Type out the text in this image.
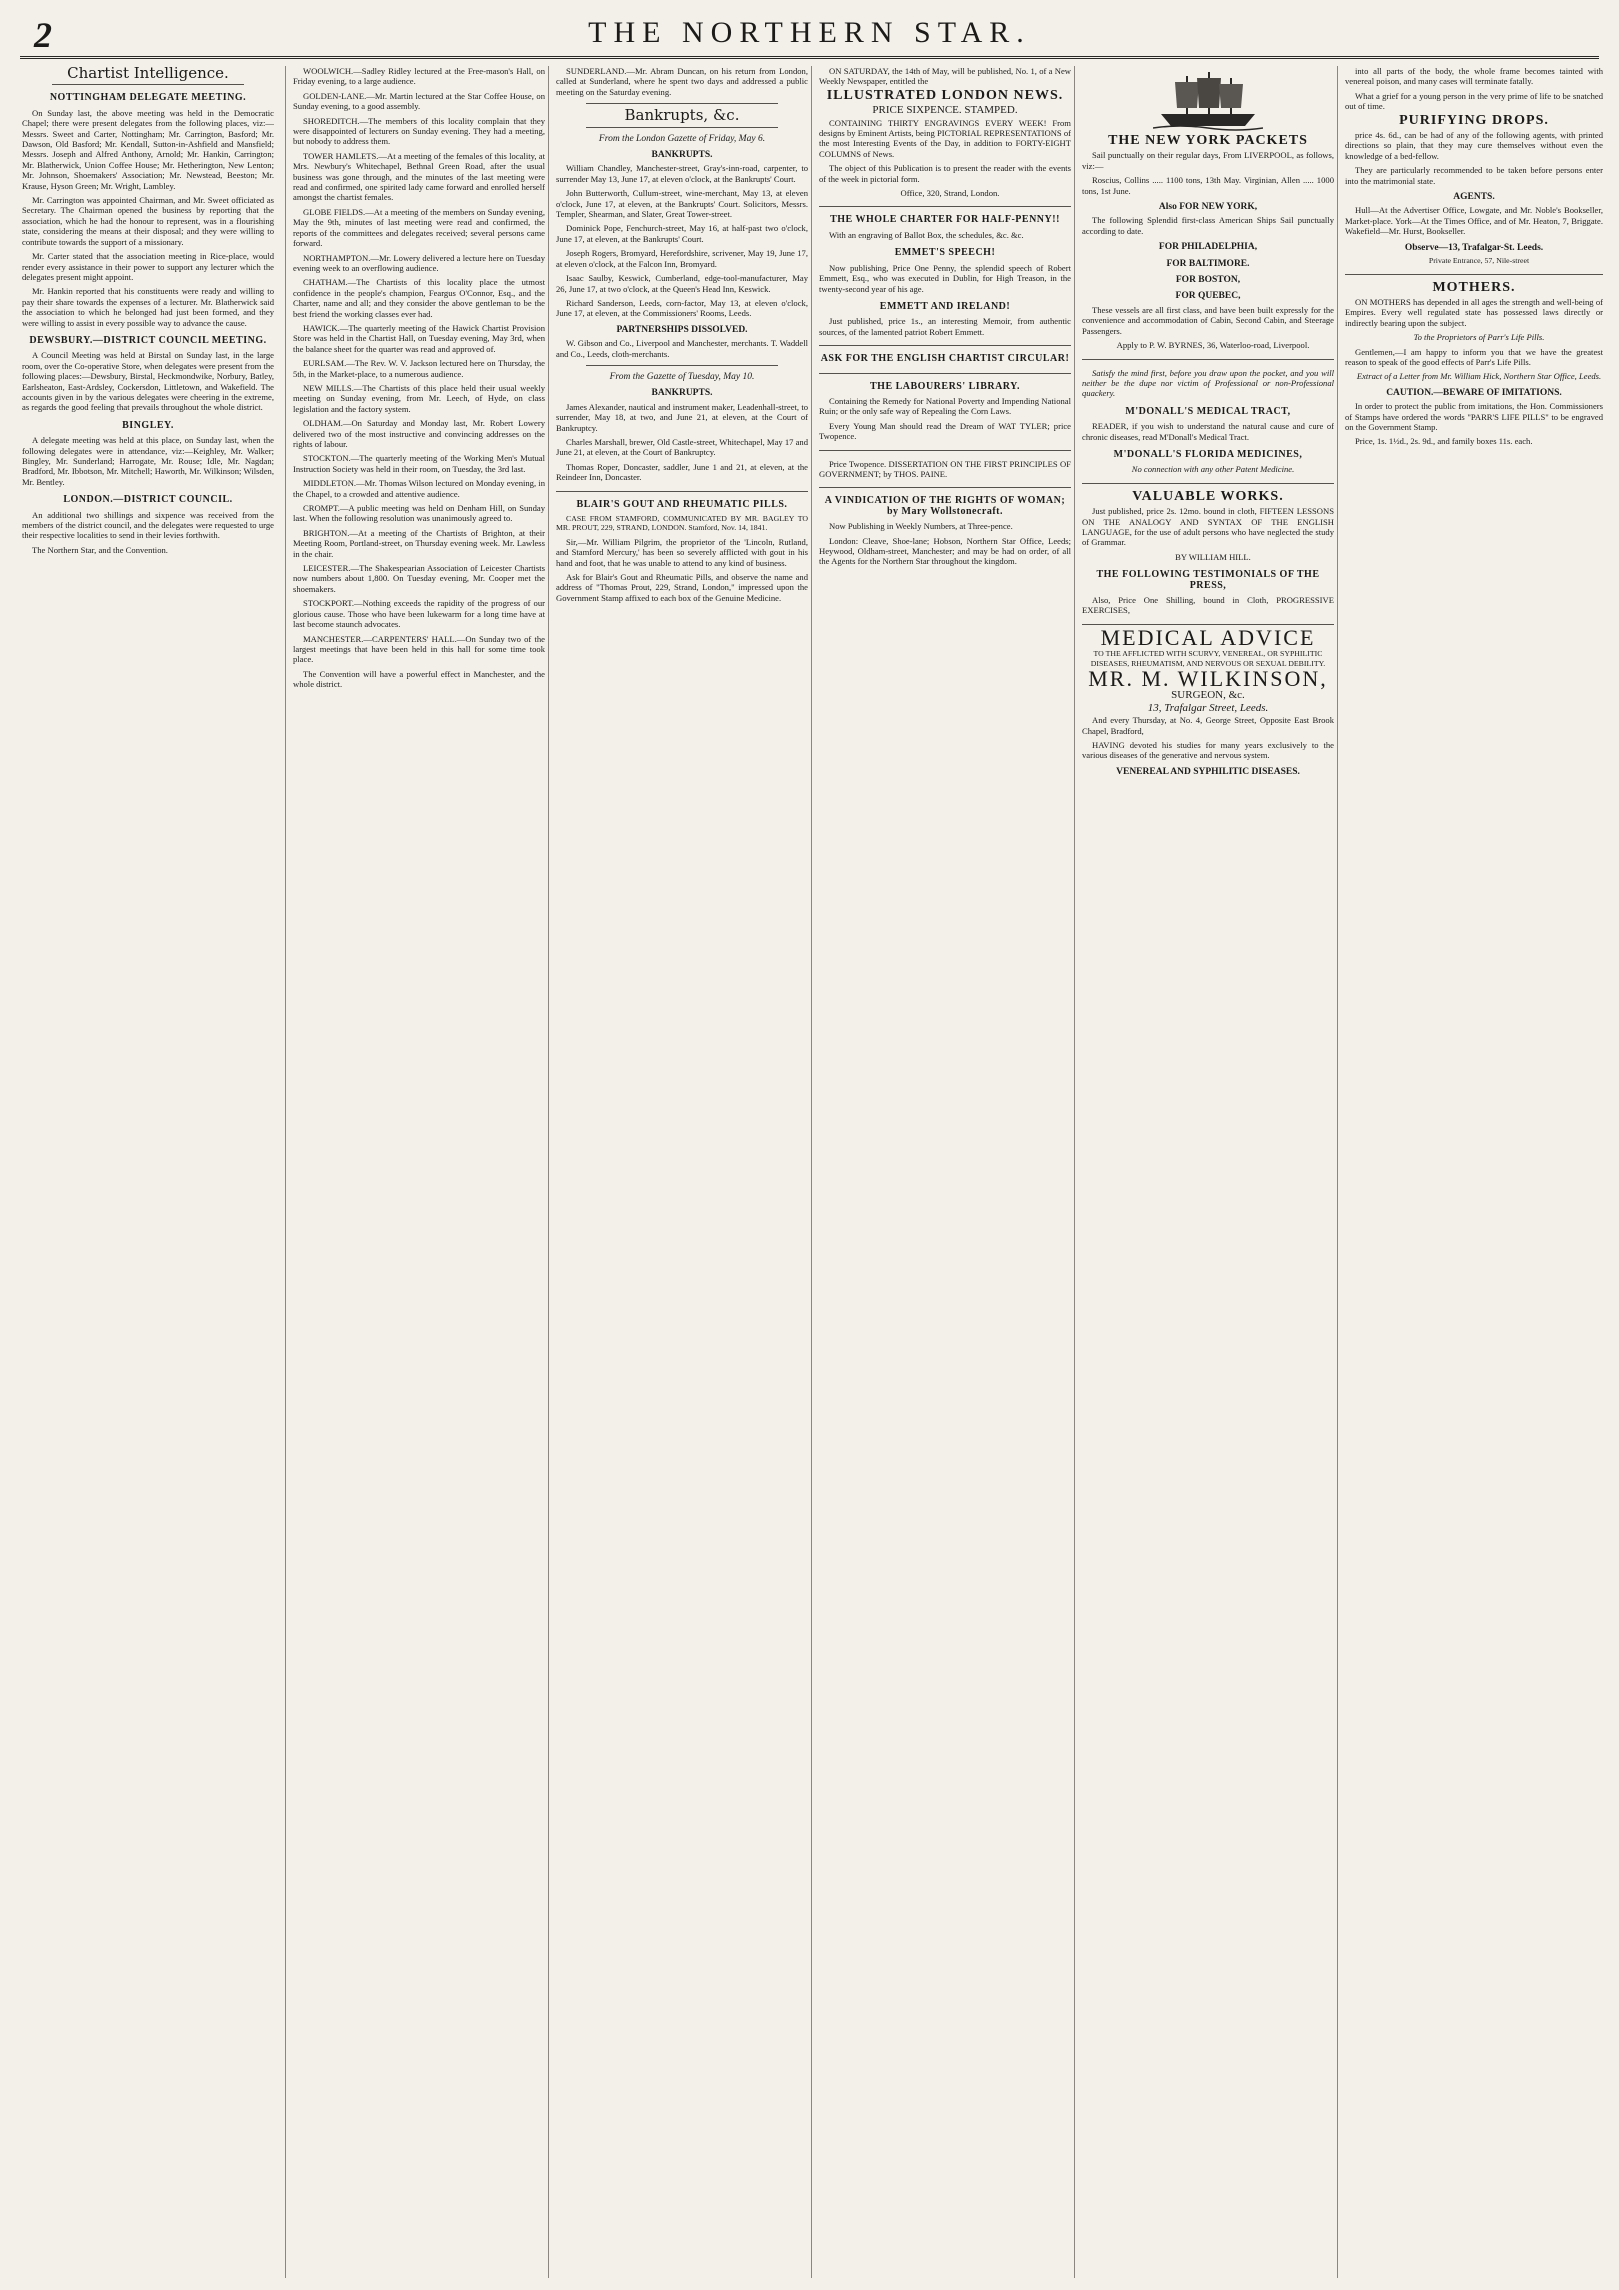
2	THE NORTHERN STAR.
Chartist Intelligence.
NOTTINGHAM DELEGATE MEETING.

On Sunday last, the above meeting was held in the Democratic Chapel; there were present delegates from the following places, viz:— Messrs. Sweet and Carter, Nottingham; Mr. Carrington, Basford; Mr. Dawson, Old Basford; Mr. Kendall, Sutton-in-Ashfield and Mansfield; Messrs. Joseph and Alfred Anthony, Arnold; Mr. Hankin, Carrington; Mr. Blatherwick, Union Coffee House; Mr. Hetherington, New Lenton; Mr. Johnson, Shoemakers' Association; Mr. Newstead, Beeston; Mr. Krause, Hyson Green; Mr. Wright, Lambley.

Mr. Carrington was appointed Chairman, and Mr. Sweet officiated as Secretary. The Chairman opened the business by reporting that the association, which he had the honour to represent, was in a flourishing state, considering the means at their disposal; and they were willing to contribute towards the support of a missionary.

Mr. Carter stated that the association meeting in Rice-place, would render every assistance in their power to support any lecturer which the delegates present might appoint.

Mr. Hankin reported that his constituents were ready and willing to pay their share towards the expenses of a lecturer. Mr. Blatherwick said the association to which he belonged had just been formed, and they were willing to assist in every possible way to advance the cause.

DEWSBURY.—DISTRICT COUNCIL MEETING.

A Council Meeting was held at Birstal on Sunday last, in the large room, over the Co-operative Store, when delegates were present from the following places:—Dewsbury, Birstal, Heckmondwike, Norbury, Batley, Earlsheaton, East-Ardsley, Cockersdon, Littletown, and Wakefield. The accounts given in by the various delegates were cheering in the extreme, as regards the good feeling that prevails throughout the whole district.

BINGLEY.

A delegate meeting was held at this place, on Sunday last, when the following delegates were in attendance, viz:—Keighley, Mr. Walker; Bingley, Mr. Sunderland; Harrogate, Mr. Rouse; Idle, Mr. Nagdan; Bradford, Mr. Ibbotson, Mr. Mitchell; Haworth, Mr. Wilkinson; Wilsden, Mr. Bentley.

LONDON.—DISTRICT COUNCIL.

An additional two shillings and sixpence was received from the members of the district council, and the delegates were requested to urge their respective localities to send in their levies forthwith.

The Northern Star, and the Convention.

WOOLWICH.—Sadley Ridley lectured at the Free-mason's Hall, on Friday evening, to a large audience.

GOLDEN-LANE.—Mr. Martin lectured at the Star Coffee House, on Sunday evening, to a good assembly.

SHOREDITCH.—The members of this locality complain that they were disappointed of lecturers on Sunday evening. They had a meeting, but nobody to address them.

TOWER HAMLETS.—At a meeting of the females of this locality, at Mrs. Newbury's Whitechapel, Bethnal Green Road, after the usual business was gone through, and the minutes of the last meeting were read and confirmed, one spirited lady came forward and enrolled herself amongst the chartist females.

GLOBE FIELDS.—At a meeting of the members on Sunday evening, May the 9th, minutes of last meeting were read and confirmed, the reports of the committees and delegates received; several persons came forward.

NORTHAMPTON.—Mr. Lowery delivered a lecture here on Tuesday evening week to an overflowing audience.

CHATHAM.—The Chartists of this locality place the utmost confidence in the people's champion, Feargus O'Connor, Esq., and the Charter, name and all; and they consider the above gentleman to be the best friend the working classes ever had.

HAWICK.—The quarterly meeting of the Hawick Chartist Provision Store was held in the Chartist Hall, on Tuesday evening, May 3rd, when the balance sheet for the quarter was read and approved of.

EURLSAM.—The Rev. W. V. Jackson lectured here on Thursday, the 5th, in the Market-place, to a numerous audience.

NEW MILLS.—The Chartists of this place held their usual weekly meeting on Sunday evening, from Mr. Leech, of Hyde, on class legislation and the factory system.

OLDHAM.—On Saturday and Monday last, Mr. Robert Lowery delivered two of the most instructive and convincing addresses on the rights of labour.

STOCKTON.—The quarterly meeting of the Working Men's Mutual Instruction Society was held in their room, on Tuesday, the 3rd last.

MIDDLETON.—Mr. Thomas Wilson lectured on Monday evening, in the Chapel, to a crowded and attentive audience.

CROMPT.—A public meeting was held on Denham Hill, on Sunday last. When the following resolution was unanimously agreed to.

BRIGHTON.—At a meeting of the Chartists of Brighton, at their Meeting Room, Portland-street, on Thursday evening week. Mr. Lawless in the chair.

LEICESTER.—The Shakespearian Association of Leicester Chartists now numbers about 1,800. On Tuesday evening, Mr. Cooper met the shoemakers.

STOCKPORT.—Nothing exceeds the rapidity of the progress of our glorious cause. Those who have been lukewarm for a long time have at last become staunch advocates.

MANCHESTER.—CARPENTERS' HALL.—On Sunday two of the largest meetings that have been held in this hall for some time took place.

The Convention will have a powerful effect in Manchester, and the whole district.

SUNDERLAND.—Mr. Abram Duncan, on his return from London, called at Sunderland, where he spent two days and addressed a public meeting on the Saturday evening.

Bankrupts, &c.
From the London Gazette of Friday, May 6.
BANKRUPTS.

William Chandley, Manchester-street, Gray's-inn-road, carpenter, to surrender May 13, June 17, at eleven o'clock, at the Bankrupts' Court.

John Butterworth, Cullum-street, wine-merchant, May 13, at eleven o'clock, June 17, at eleven, at the Bankrupts' Court. Solicitors, Messrs. Templer, Shearman, and Slater, Great Tower-street.

Dominick Pope, Fenchurch-street, May 16, at half-past two o'clock, June 17, at eleven, at the Bankrupts' Court.

Joseph Rogers, Bromyard, Herefordshire, scrivener, May 19, June 17, at eleven o'clock, at the Falcon Inn, Bromyard.

Isaac Saulby, Keswick, Cumberland, edge-tool-manufacturer, May 26, June 17, at two o'clock, at the Queen's Head Inn, Keswick.

Richard Sanderson, Leeds, corn-factor, May 13, at eleven o'clock, June 17, at eleven, at the Commissioners' Rooms, Leeds.

PARTNERSHIPS DISSOLVED.

W. Gibson and Co., Liverpool and Manchester, merchants. T. Waddell and Co., Leeds, cloth-merchants.

From the Gazette of Tuesday, May 10.
BANKRUPTS.

James Alexander, nautical and instrument maker, Leadenhall-street, to surrender, May 18, at two, and June 21, at eleven, at the Court of Bankruptcy.

Charles Marshall, brewer, Old Castle-street, Whitechapel, May 17 and June 21, at eleven, at the Court of Bankruptcy.

Thomas Roper, Doncaster, saddler, June 1 and 21, at eleven, at the Reindeer Inn, Doncaster.

BLAIR'S GOUT AND RHEUMATIC PILLS.

CASE FROM STAMFORD, COMMUNICATED BY MR. BAGLEY TO MR. PROUT, 229, STRAND, LONDON. Stamford, Nov. 14, 1841.

Sir,—Mr. William Pilgrim, the proprietor of the 'Lincoln, Rutland, and Stamford Mercury,' has been so severely afflicted with gout in his hand and foot, that he was unable to attend to any kind of business.

Ask for Blair's Gout and Rheumatic Pills, and observe the name and address of "Thomas Prout, 229, Strand, London," impressed upon the Government Stamp affixed to each box of the Genuine Medicine.

ON SATURDAY, the 14th of May, will be published, No. 1, of a New Weekly Newspaper, entitled the

ILLUSTRATED LONDON NEWS.
PRICE SIXPENCE. STAMPED.

CONTAINING THIRTY ENGRAVINGS EVERY WEEK! From designs by Eminent Artists, being PICTORIAL REPRESENTATIONS of the most Interesting Events of the Day, in addition to FORTY-EIGHT COLUMNS of News.

The object of this Publication is to present the reader with the events of the week in pictorial form.

Office, 320, Strand, London.

THE WHOLE CHARTER FOR HALF-PENNY!!

With an engraving of Ballot Box, the schedules, &c. &c.

EMMET'S SPEECH!

Now publishing, Price One Penny, the splendid speech of Robert Emmett, Esq., who was executed in Dublin, for High Treason, in the twenty-second year of his age.

EMMETT AND IRELAND!

Just published, price 1s., an interesting Memoir, from authentic sources, of the lamented patriot Robert Emmett.

ASK FOR THE ENGLISH CHARTIST CIRCULAR!
THE LABOURERS' LIBRARY.

Containing the Remedy for National Poverty and Impending National Ruin; or the only safe way of Repealing the Corn Laws.

Every Young Man should read the Dream of WAT TYLER; price Twopence.

Price Twopence. DISSERTATION ON THE FIRST PRINCIPLES OF GOVERNMENT; by THOS. PAINE.

A VINDICATION OF THE RIGHTS OF WOMAN; by Mary Wollstonecraft.

Now Publishing in Weekly Numbers, at Three-pence.

London: Cleave, Shoe-lane; Hobson, Northern Star Office, Leeds; Heywood, Oldham-street, Manchester; and may be had on order, of all the Agents for the Northern Star throughout the kingdom.

THE NEW YORK PACKETS

Sail punctually on their regular days, From LIVERPOOL, as follows, viz:—

Roscius, Collins ..... 1100 tons, 13th May. Virginian, Allen ..... 1000 tons, 1st June.

Also FOR NEW YORK,

The following Splendid first-class American Ships Sail punctually according to date.

FOR PHILADELPHIA,
FOR BALTIMORE.
FOR BOSTON,
FOR QUEBEC,

These vessels are all first class, and have been built expressly for the convenience and accommodation of Cabin, Second Cabin, and Steerage Passengers.

Apply to P. W. BYRNES, 36, Waterloo-road, Liverpool.

Satisfy the mind first, before you draw upon the pocket, and you will neither be the dupe nor victim of Professional or non-Professional quackery.

M'DONALL'S MEDICAL TRACT,

READER, if you wish to understand the natural cause and cure of chronic diseases, read M'Donall's Medical Tract.

M'DONALL'S FLORIDA MEDICINES,

No connection with any other Patent Medicine.

VALUABLE WORKS.

Just published, price 2s. 12mo. bound in cloth, FIFTEEN LESSONS ON THE ANALOGY AND SYNTAX OF THE ENGLISH LANGUAGE, for the use of adult persons who have neglected the study of Grammar.

BY WILLIAM HILL.

THE FOLLOWING TESTIMONIALS OF THE PRESS,

Also, Price One Shilling, bound in Cloth, PROGRESSIVE EXERCISES,

MEDICAL ADVICE
TO THE AFFLICTED WITH SCURVY, VENEREAL, OR SYPHILITIC DISEASES, RHEUMATISM, AND NERVOUS OR SEXUAL DEBILITY.
MR. M. WILKINSON,
SURGEON, &c.
13, Trafalgar Street, Leeds.

And every Thursday, at No. 4, George Street, Opposite East Brook Chapel, Bradford,

HAVING devoted his studies for many years exclusively to the various diseases of the generative and nervous system.

VENEREAL AND SYPHILITIC DISEASES.

into all parts of the body, the whole frame becomes tainted with venereal poison, and many cases will terminate fatally.

What a grief for a young person in the very prime of life to be snatched out of time.

PURIFYING DROPS.

price 4s. 6d., can be had of any of the following agents, with printed directions so plain, that they may cure themselves without even the knowledge of a bed-fellow.

They are particularly recommended to be taken before persons enter into the matrimonial state.

AGENTS.

Hull—At the Advertiser Office, Lowgate, and Mr. Noble's Bookseller, Market-place. York—At the Times Office, and of Mr. Heaton, 7, Briggate. Wakefield—Mr. Hurst, Bookseller.

Observe—13, Trafalgar-St. Leeds.

Private Entrance, 57, Nile-street

MOTHERS.

ON MOTHERS has depended in all ages the strength and well-being of Empires. Every well regulated state has possessed laws directly or indirectly bearing upon the subject.

To the Proprietors of Parr's Life Pills.

Gentlemen,—I am happy to inform you that we have the greatest reason to speak of the good effects of Parr's Life Pills.

Extract of a Letter from Mr. William Hick, Northern Star Office, Leeds.

CAUTION.—BEWARE OF IMITATIONS.

In order to protect the public from imitations, the Hon. Commissioners of Stamps have ordered the words "PARR'S LIFE PILLS" to be engraved on the Government Stamp.

Price, 1s. 1½d., 2s. 9d., and family boxes 11s. each.
